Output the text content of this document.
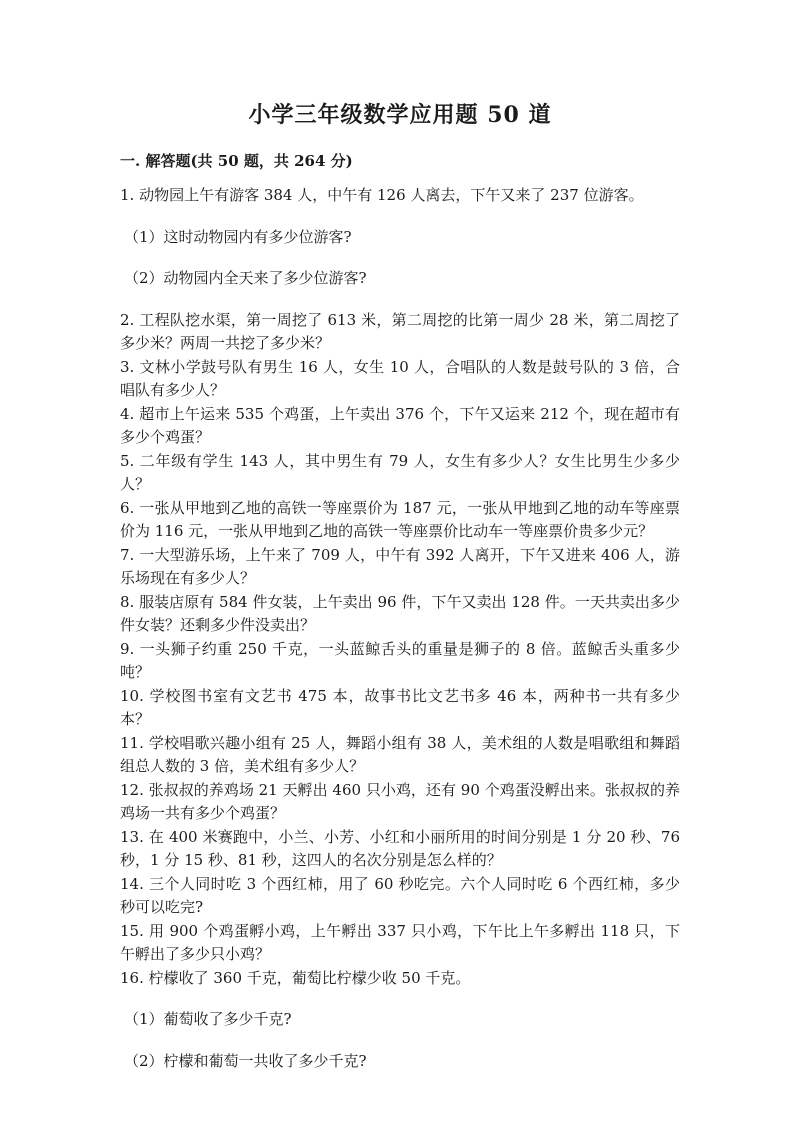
小学三年级数学应用题 50 道
一. 解答题(共 50 题，共 264 分)

1. 动物园上午有游客 384 人，中午有 126 人离去，下午又来了 237 位游客。

（1）这时动物园内有多少位游客?

（2）动物园内全天来了多少位游客?

2. 工程队挖水渠，第一周挖了 613 米，第二周挖的比第一周少 28 米，第二周挖了多少米？两周一共挖了多少米？

3. 文林小学鼓号队有男生 16 人，女生 10 人，合唱队的人数是鼓号队的 3 倍，合唱队有多少人？

4. 超市上午运来 535 个鸡蛋，上午卖出 376 个，下午又运来 212 个，现在超市有多少个鸡蛋？

5. 二年级有学生 143 人，其中男生有 79 人，女生有多少人？女生比男生少多少人？

6. 一张从甲地到乙地的高铁一等座票价为 187 元，一张从甲地到乙地的动车等座票价为 116 元，一张从甲地到乙地的高铁一等座票价比动车一等座票价贵多少元？

7. 一大型游乐场，上午来了 709 人，中午有 392 人离开，下午又进来 406 人，游乐场现在有多少人？

8. 服装店原有 584 件女装，上午卖出 96 件，下午又卖出 128 件。一天共卖出多少件女装？还剩多少件没卖出？

9. 一头狮子约重 250 千克，一头蓝鲸舌头的重量是狮子的 8 倍。蓝鲸舌头重多少吨？

10. 学校图书室有文艺书 475 本，故事书比文艺书多 46 本，两种书一共有多少本？

11. 学校唱歌兴趣小组有 25 人，舞蹈小组有 38 人，美术组的人数是唱歌组和舞蹈组总人数的 3 倍，美术组有多少人？

12. 张叔叔的养鸡场 21 天孵出 460 只小鸡，还有 90 个鸡蛋没孵出来。张叔叔的养鸡场一共有多少个鸡蛋？

13. 在 400 米赛跑中，小兰、小芳、小红和小丽所用的时间分别是 1 分 20 秒、76 秒，1 分 15 秒、81 秒，这四人的名次分别是怎么样的？

14. 三个人同时吃 3 个西红柿，用了 60 秒吃完。六个人同时吃 6 个西红柿，多少秒可以吃完?

15. 用 900 个鸡蛋孵小鸡，上午孵出 337 只小鸡，下午比上午多孵出 118 只，下午孵出了多少只小鸡？

16. 柠檬收了 360 千克，葡萄比柠檬少收 50 千克。

（1）葡萄收了多少千克?

（2）柠檬和葡萄一共收了多少千克?
